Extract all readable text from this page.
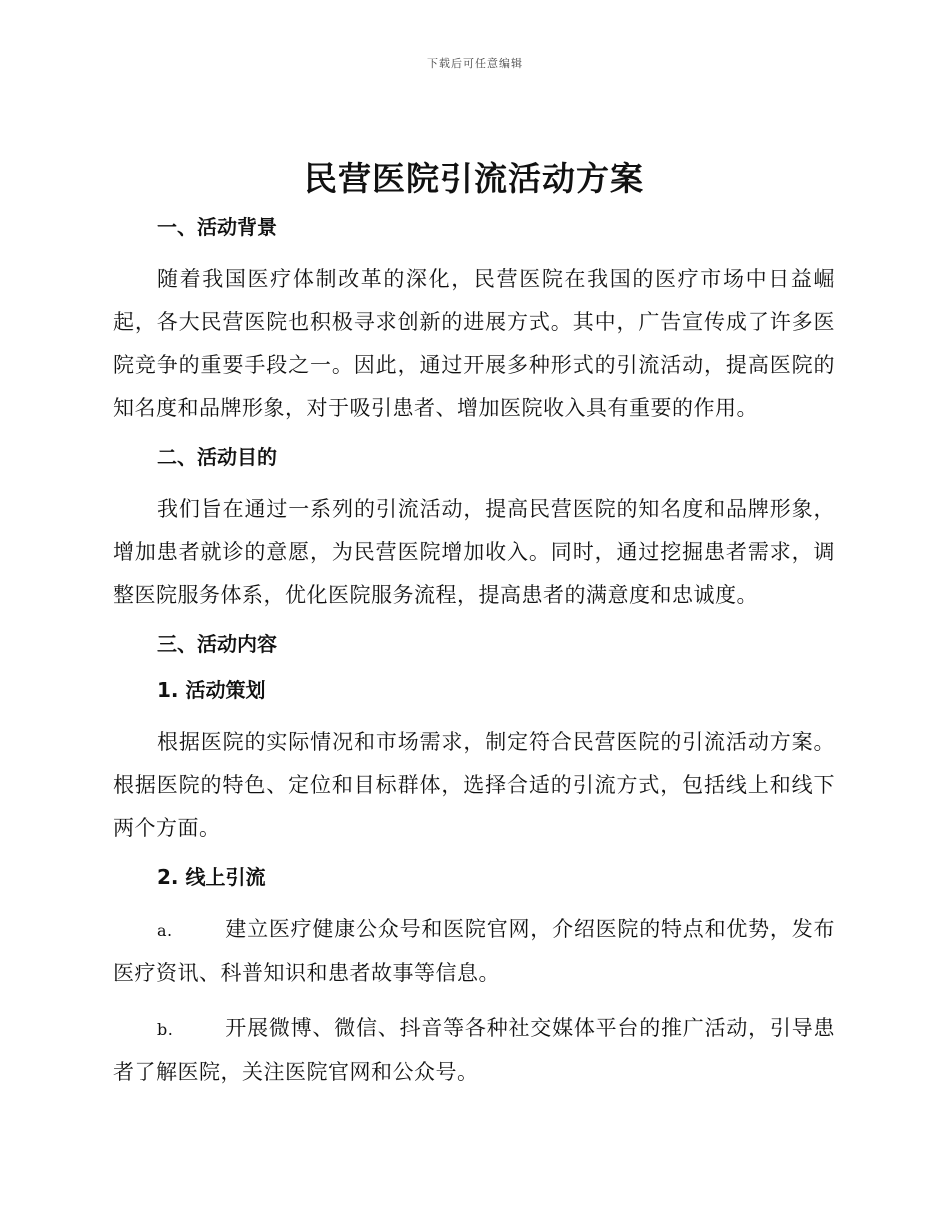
下载后可任意编辑
民营医院引流活动方案
一、活动背景

随着我国医疗体制改革的深化，民营医院在我国的医疗市场中日益崛起，各大民营医院也积极寻求创新的进展方式。其中，广告宣传成了许多医院竞争的重要手段之一。因此，通过开展多种形式的引流活动，提高医院的知名度和品牌形象，对于吸引患者、增加医院收入具有重要的作用。

二、活动目的

我们旨在通过一系列的引流活动，提高民营医院的知名度和品牌形象，增加患者就诊的意愿，为民营医院增加收入。同时，通过挖掘患者需求，调整医院服务体系，优化医院服务流程，提高患者的满意度和忠诚度。

三、活动内容
1. 活动策划

根据医院的实际情况和市场需求，制定符合民营医院的引流活动方案。根据医院的特色、定位和目标群体，选择合适的引流方式，包括线上和线下两个方面。

2. 线上引流

a. 建立医疗健康公众号和医院官网，介绍医院的特点和优势，发布医疗资讯、科普知识和患者故事等信息。

b. 开展微博、微信、抖音等各种社交媒体平台的推广活动，引导患者了解医院，关注医院官网和公众号。
